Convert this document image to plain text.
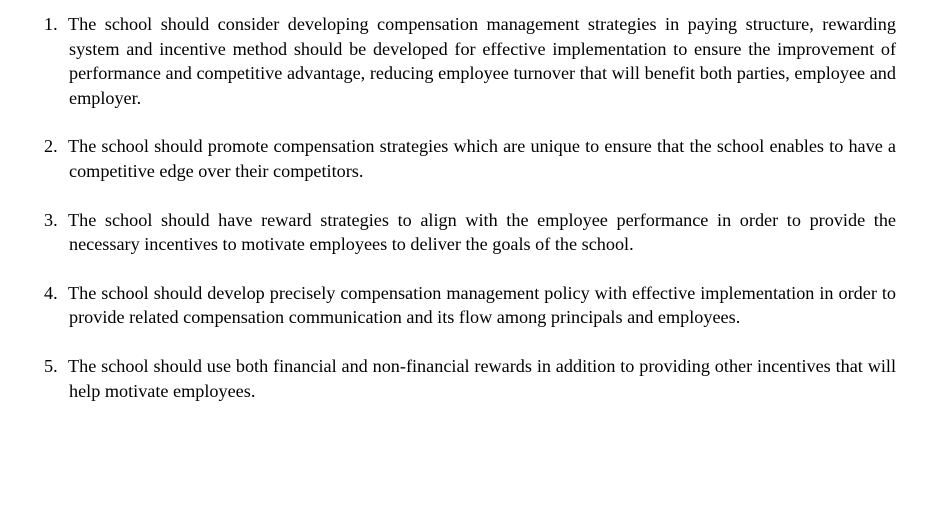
1. The school should consider developing compensation management strategies in paying structure, rewarding system and incentive method should be developed for effective implementation to ensure the improvement of performance and competitive advantage, reducing employee turnover that will benefit both parties, employee and employer.
2. The school should promote compensation strategies which are unique to ensure that the school enables to have a competitive edge over their competitors.
3. The school should have reward strategies to align with the employee performance in order to provide the necessary incentives to motivate employees to deliver the goals of the school.
4. The school should develop precisely compensation management policy with effective implementation in order to provide related compensation communication and its flow among principals and employees.
5. The school should use both financial and non-financial rewards in addition to providing other incentives that will help motivate employees.
